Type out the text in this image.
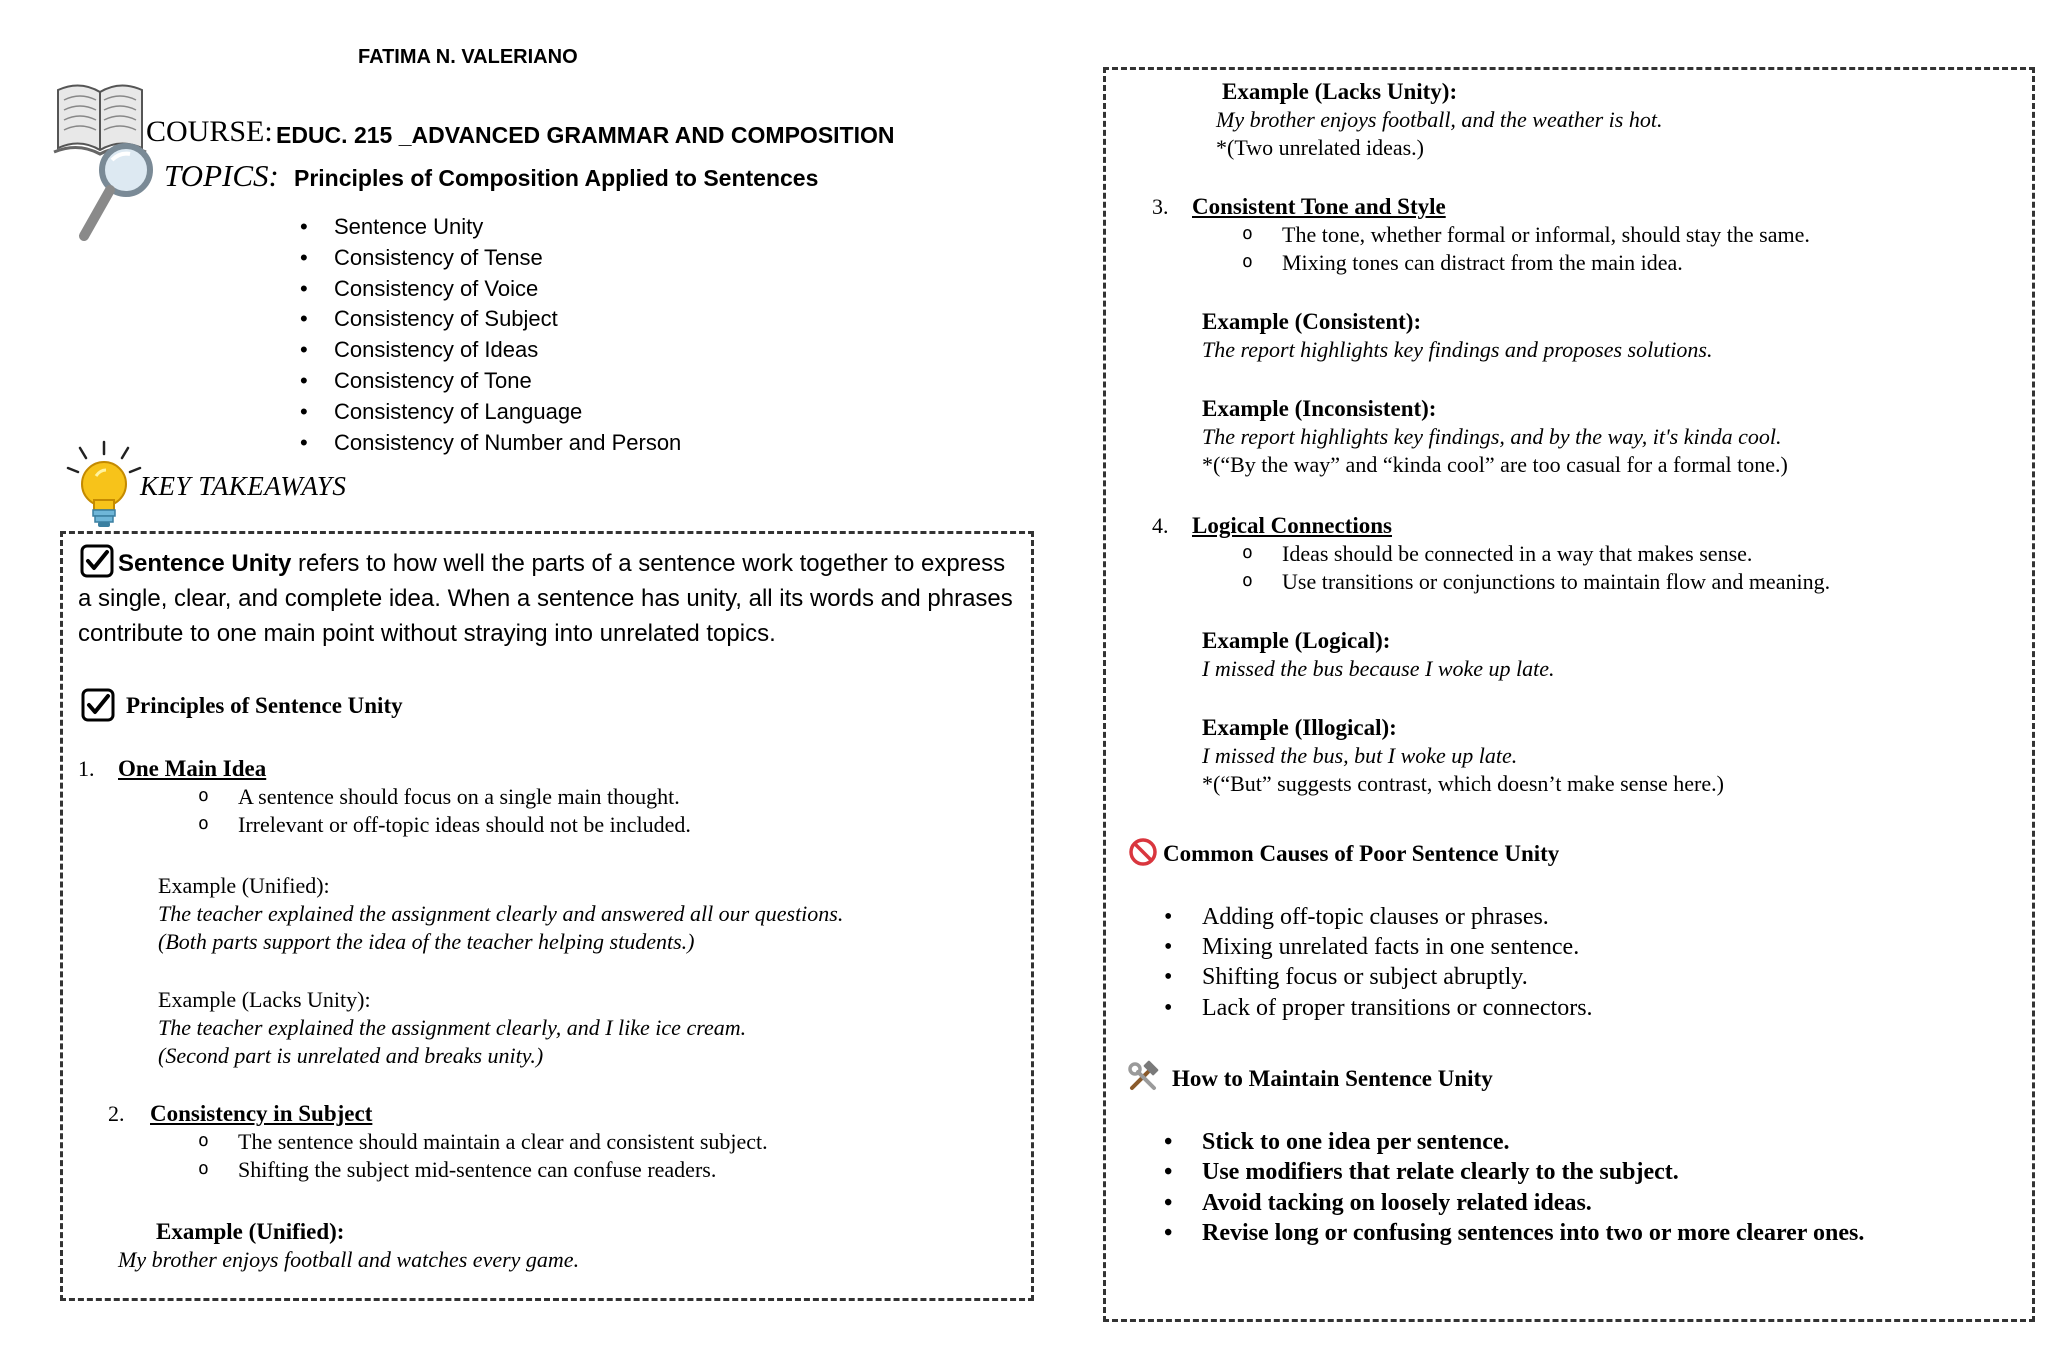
FATIMA N. VALERIANO
COURSE: EDUC. 215 _ADVANCED GRAMMAR AND COMPOSITION
TOPICS: Principles of Composition Applied to Sentences
• Sentence Unity
• Consistency of Tense
• Consistency of Voice
• Consistency of Subject
• Consistency of Ideas
• Consistency of Tone
• Consistency of Language
• Consistency of Number and Person
KEY TAKEAWAYS
Sentence Unity refers to how well the parts of a sentence work together to express
a single, clear, and complete idea. When a sentence has unity, all its words and phrases
contribute to one main point without straying into unrelated topics.
Principles of Sentence Unity
1. One Main Idea
o A sentence should focus on a single main thought.
o Irrelevant or off-topic ideas should not be included.
Example (Unified):
The teacher explained the assignment clearly and answered all our questions.
(Both parts support the idea of the teacher helping students.)
Example (Lacks Unity):
The teacher explained the assignment clearly, and I like ice cream.
(Second part is unrelated and breaks unity.)
2. Consistency in Subject
o The sentence should maintain a clear and consistent subject.
o Shifting the subject mid-sentence can confuse readers.
Example (Unified):
My brother enjoys football and watches every game.
Example (Lacks Unity):
My brother enjoys football, and the weather is hot.
*(Two unrelated ideas.)
3. Consistent Tone and Style
o The tone, whether formal or informal, should stay the same.
o Mixing tones can distract from the main idea.
Example (Consistent):
The report highlights key findings and proposes solutions.
Example (Inconsistent):
The report highlights key findings, and by the way, it's kinda cool.
*(“By the way” and “kinda cool” are too casual for a formal tone.)
4. Logical Connections
o Ideas should be connected in a way that makes sense.
o Use transitions or conjunctions to maintain flow and meaning.
Example (Logical):
I missed the bus because I woke up late.
Example (Illogical):
I missed the bus, but I woke up late.
*(“But” suggests contrast, which doesn’t make sense here.)
Common Causes of Poor Sentence Unity
• Adding off-topic clauses or phrases.
• Mixing unrelated facts in one sentence.
• Shifting focus or subject abruptly.
• Lack of proper transitions or connectors.
How to Maintain Sentence Unity
• Stick to one idea per sentence.
• Use modifiers that relate clearly to the subject.
• Avoid tacking on loosely related ideas.
• Revise long or confusing sentences into two or more clearer ones.
